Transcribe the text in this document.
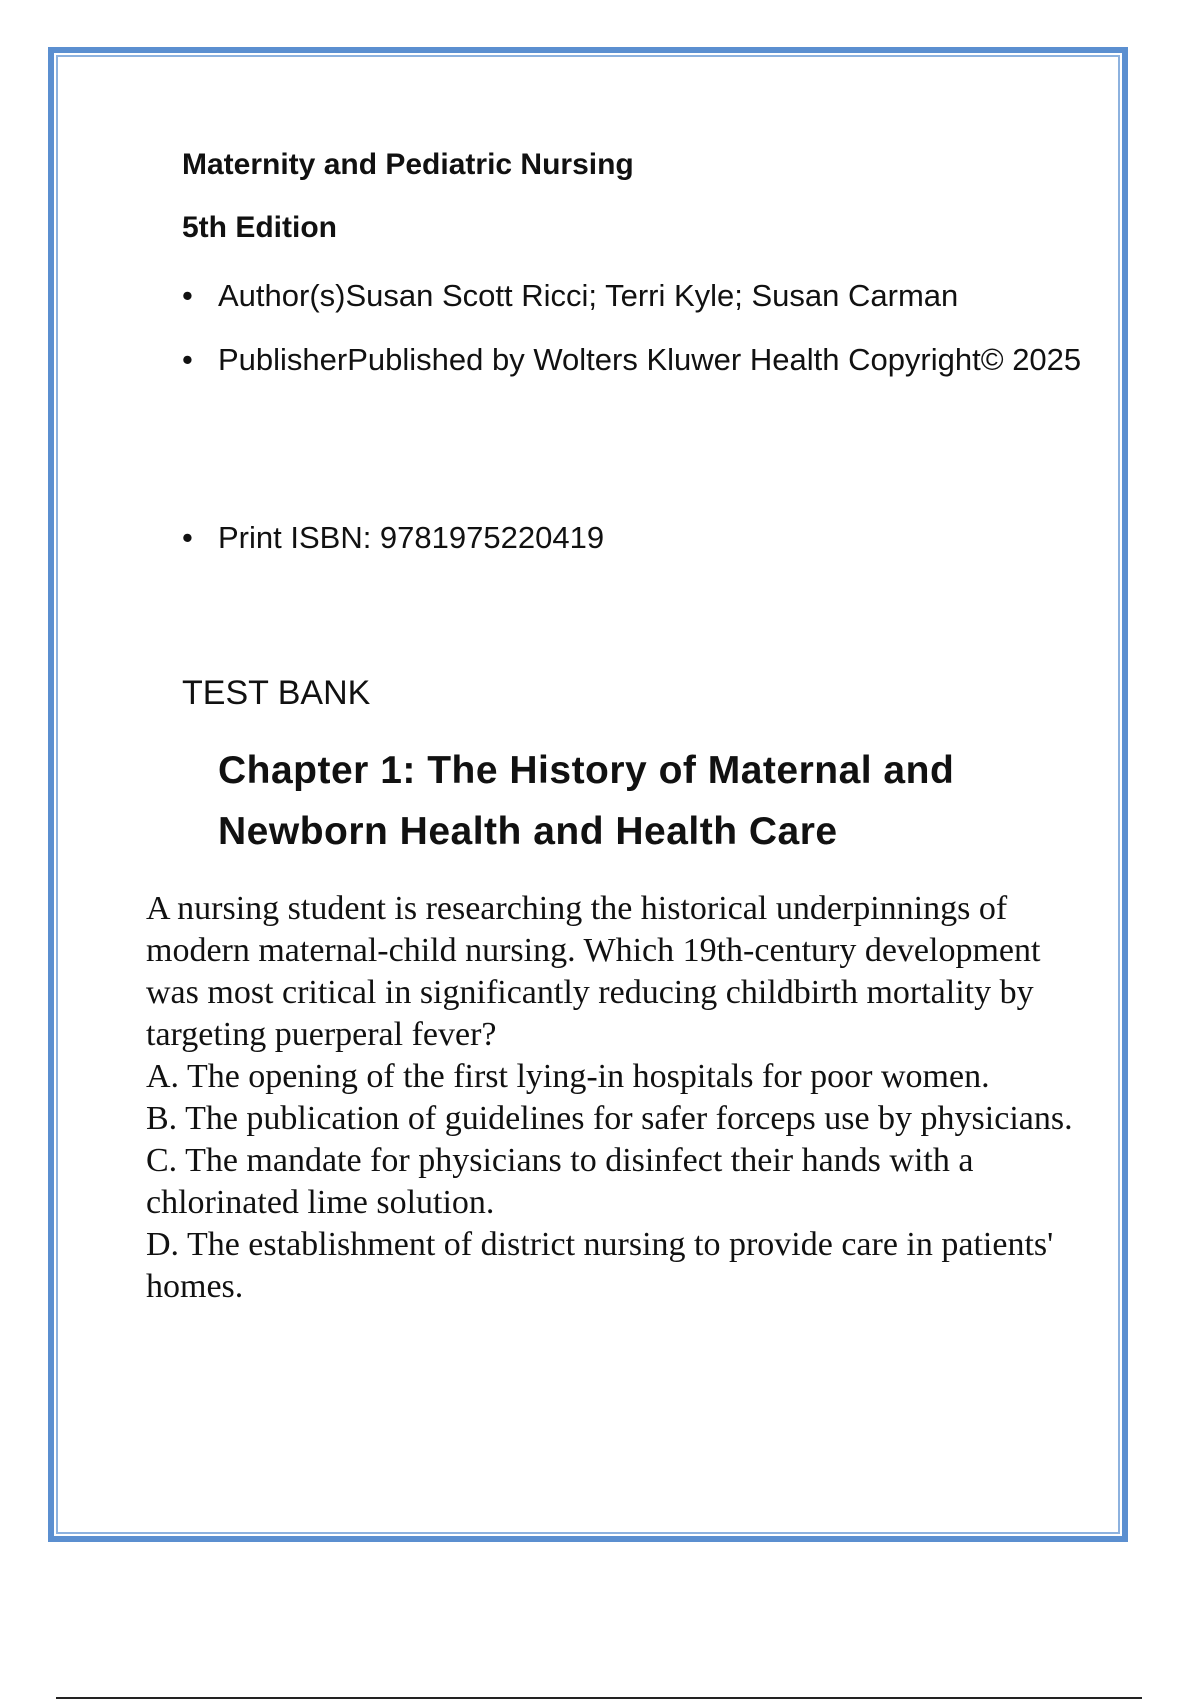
Maternity and Pediatric Nursing
5th Edition
• Author(s)Susan Scott Ricci; Terri Kyle; Susan Carman
• PublisherPublished by Wolters Kluwer Health Copyright© 2025
• Print ISBN: 9781975220419

TEST BANK

Chapter 1: The History of Maternal and Newborn Health and Health Care

A nursing student is researching the historical underpinnings of modern maternal-child nursing. Which 19th-century development was most critical in significantly reducing childbirth mortality by targeting puerperal fever?

A. The opening of the first lying-in hospitals for poor women.
B. The publication of guidelines for safer forceps use by physicians.
C. The mandate for physicians to disinfect their hands with a chlorinated lime solution.
D. The establishment of district nursing to provide care in patients' homes.
